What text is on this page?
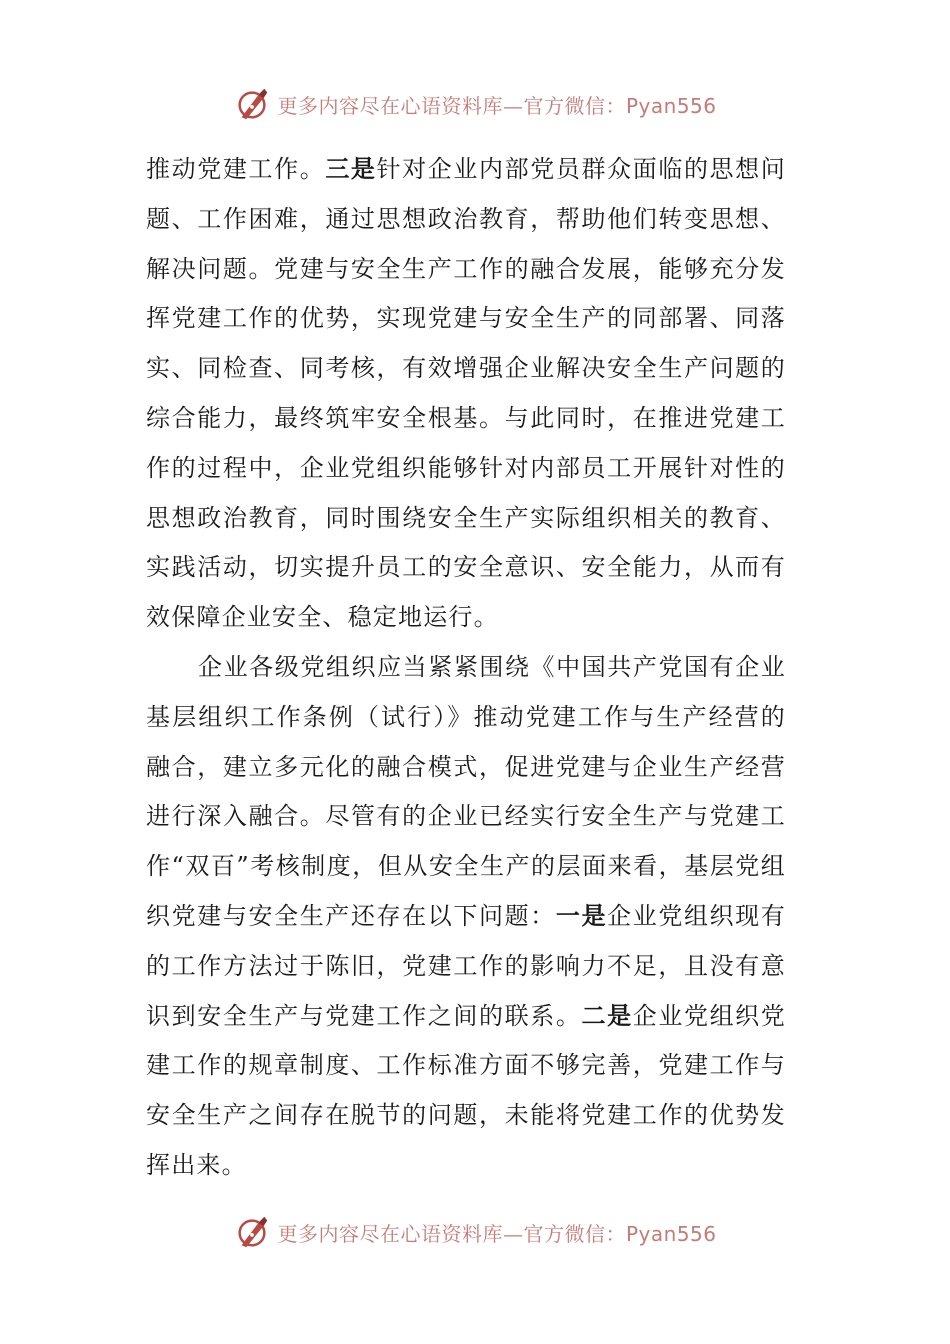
更多内容尽在心语资料库—官方微信：Pyan556

推动党建工作。三是针对企业内部党员群众面临的思想问题、工作困难，通过思想政治教育，帮助他们转变思想、解决问题。党建与安全生产工作的融合发展，能够充分发挥党建工作的优势，实现党建与安全生产的同部署、同落实、同检查、同考核，有效增强企业解决安全生产问题的综合能力，最终筑牢安全根基。与此同时，在推进党建工作的过程中，企业党组织能够针对内部员工开展针对性的思想政治教育，同时围绕安全生产实际组织相关的教育、实践活动，切实提升员工的安全意识、安全能力，从而有效保障企业安全、稳定地运行。

企业各级党组织应当紧紧围绕《中国共产党国有企业基层组织工作条例（试行）》推动党建工作与生产经营的融合，建立多元化的融合模式，促进党建与企业生产经营进行深入融合。尽管有的企业已经实行安全生产与党建工作“双百”考核制度，但从安全生产的层面来看，基层党组织党建与安全生产还存在以下问题：一是企业党组织现有的工作方法过于陈旧，党建工作的影响力不足，且没有意识到安全生产与党建工作之间的联系。二是企业党组织党建工作的规章制度、工作标准方面不够完善，党建工作与安全生产之间存在脱节的问题，未能将党建工作的优势发挥出来。

更多内容尽在心语资料库—官方微信：Pyan556
